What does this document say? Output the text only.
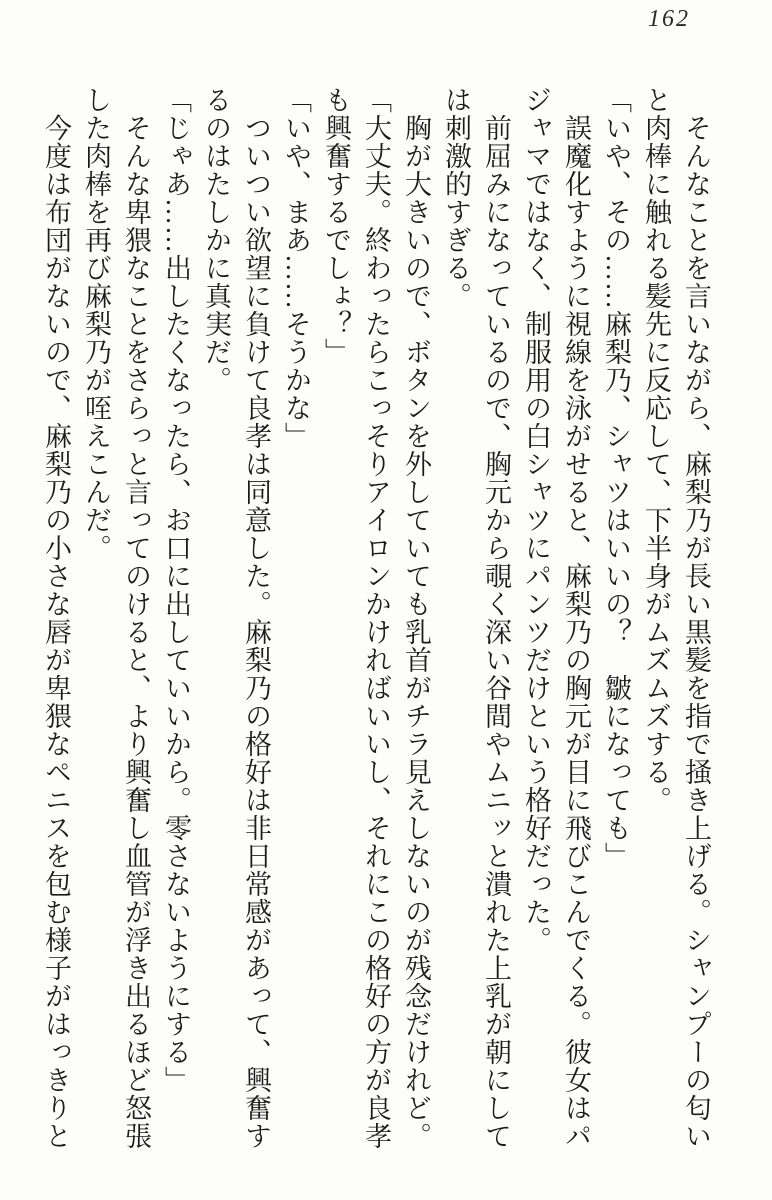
162

　そんなことを言いながら、麻梨乃が長い黒髪を指で掻き上げる。シャンプーの匂い

と肉棒に触れる髪先に反応して、下半身がムズムズする。

「いや、その……麻梨乃、シャツはいいの？　皺になっても」

　誤魔化すように視線を泳がせると、麻梨乃の胸元が目に飛びこんでくる。彼女はパ

ジャマではなく、制服用の白シャツにパンツだけという格好だった。

　前屈みになっているので、胸元から覗く深い谷間やムニッと潰れた上乳が朝にして

は刺激的すぎる。

　胸が大きいので、ボタンを外していても乳首がチラ見えしないのが残念だけれど。

「大丈夫。終わったらこっそりアイロンかければいいし、それにこの格好の方が良孝

も興奮するでしょ？」

「いや、まあ……そうかな」

　ついつい欲望に負けて良孝は同意した。麻梨乃の格好は非日常感があって、興奮す

るのはたしかに真実だ。

「じゃあ……出したくなったら、お口に出していいから。零さないようにする」

　そんな卑猥なことをさらっと言ってのけると、より興奮し血管が浮き出るほど怒張

した肉棒を再び麻梨乃が咥えこんだ。

　今度は布団がないので、麻梨乃の小さな唇が卑猥なペニスを包む様子がはっきりと
